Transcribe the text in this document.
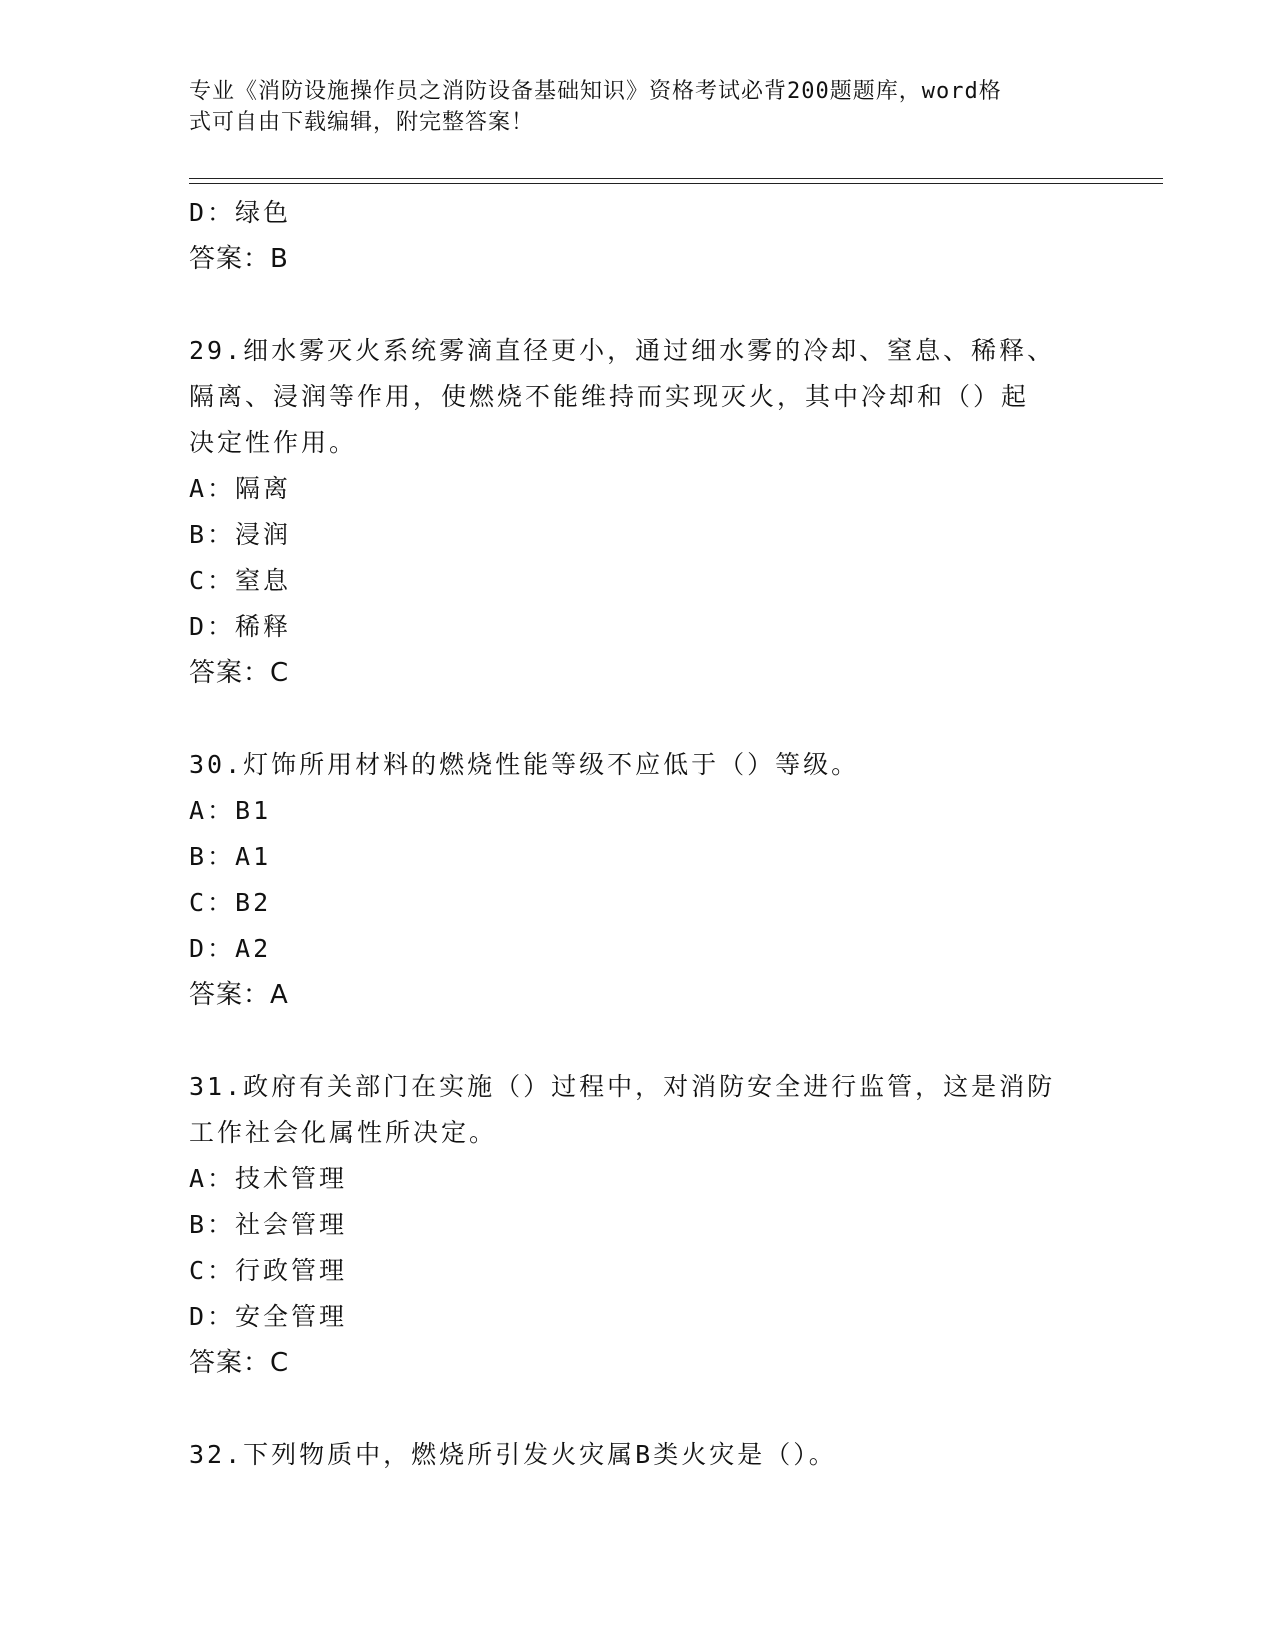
专业《消防设施操作员之消防设备基础知识》资格考试必背200题题库，word格
式可自由下载编辑，附完整答案！
D：绿色
答案：B
29.细水雾灭火系统雾滴直径更小，通过细水雾的冷却、窒息、稀释、
隔离、浸润等作用，使燃烧不能维持而实现灭火，其中冷却和（）起
决定性作用。
A：隔离
B：浸润
C：窒息
D：稀释
答案：C
30.灯饰所用材料的燃烧性能等级不应低于（）等级。
A：B1
B：A1
C：B2
D：A2
答案：A
31.政府有关部门在实施（）过程中，对消防安全进行监管，这是消防
工作社会化属性所决定。
A：技术管理
B：社会管理
C：行政管理
D：安全管理
答案：C
32.下列物质中，燃烧所引发火灾属B类火灾是（）。
